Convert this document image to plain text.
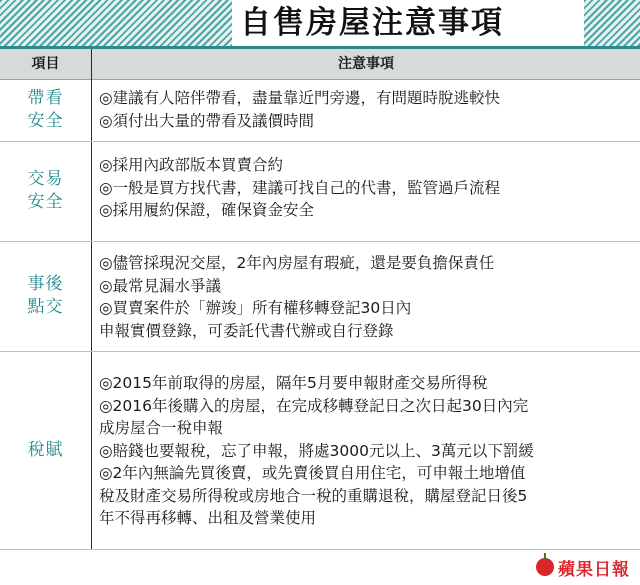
自售房屋注意事項
項目	注意事項
帶看
安全
◎建議有人陪伴帶看，盡量靠近門旁邊，有問題時脫逃較快
◎須付出大量的帶看及議價時間
交易
安全
◎採用內政部版本買賣合約
◎一般是買方找代書，建議可找自己的代書，監管過戶流程
◎採用履約保證，確保資金安全
事後
點交
◎儘管採現況交屋，2年內房屋有瑕疵，還是要負擔保責任
◎最常見漏水爭議
◎買賣案件於「辦竣」所有權移轉登記30日內
申報實價登錄，可委託代書代辦或自行登錄
稅賦
◎2015年前取得的房屋，隔年5月要申報財產交易所得稅
◎2016年後購入的房屋，在完成移轉登記日之次日起30日內完
成房屋合一稅申報
◎賠錢也要報稅，忘了申報，將處3000元以上、3萬元以下罰緩
◎2年內無論先買後賣，或先賣後買自用住宅，可申報土地增值
稅及財產交易所得稅或房地合一稅的重購退稅，購屋登記日後5
年不得再移轉、出租及營業使用
蘋果日報
